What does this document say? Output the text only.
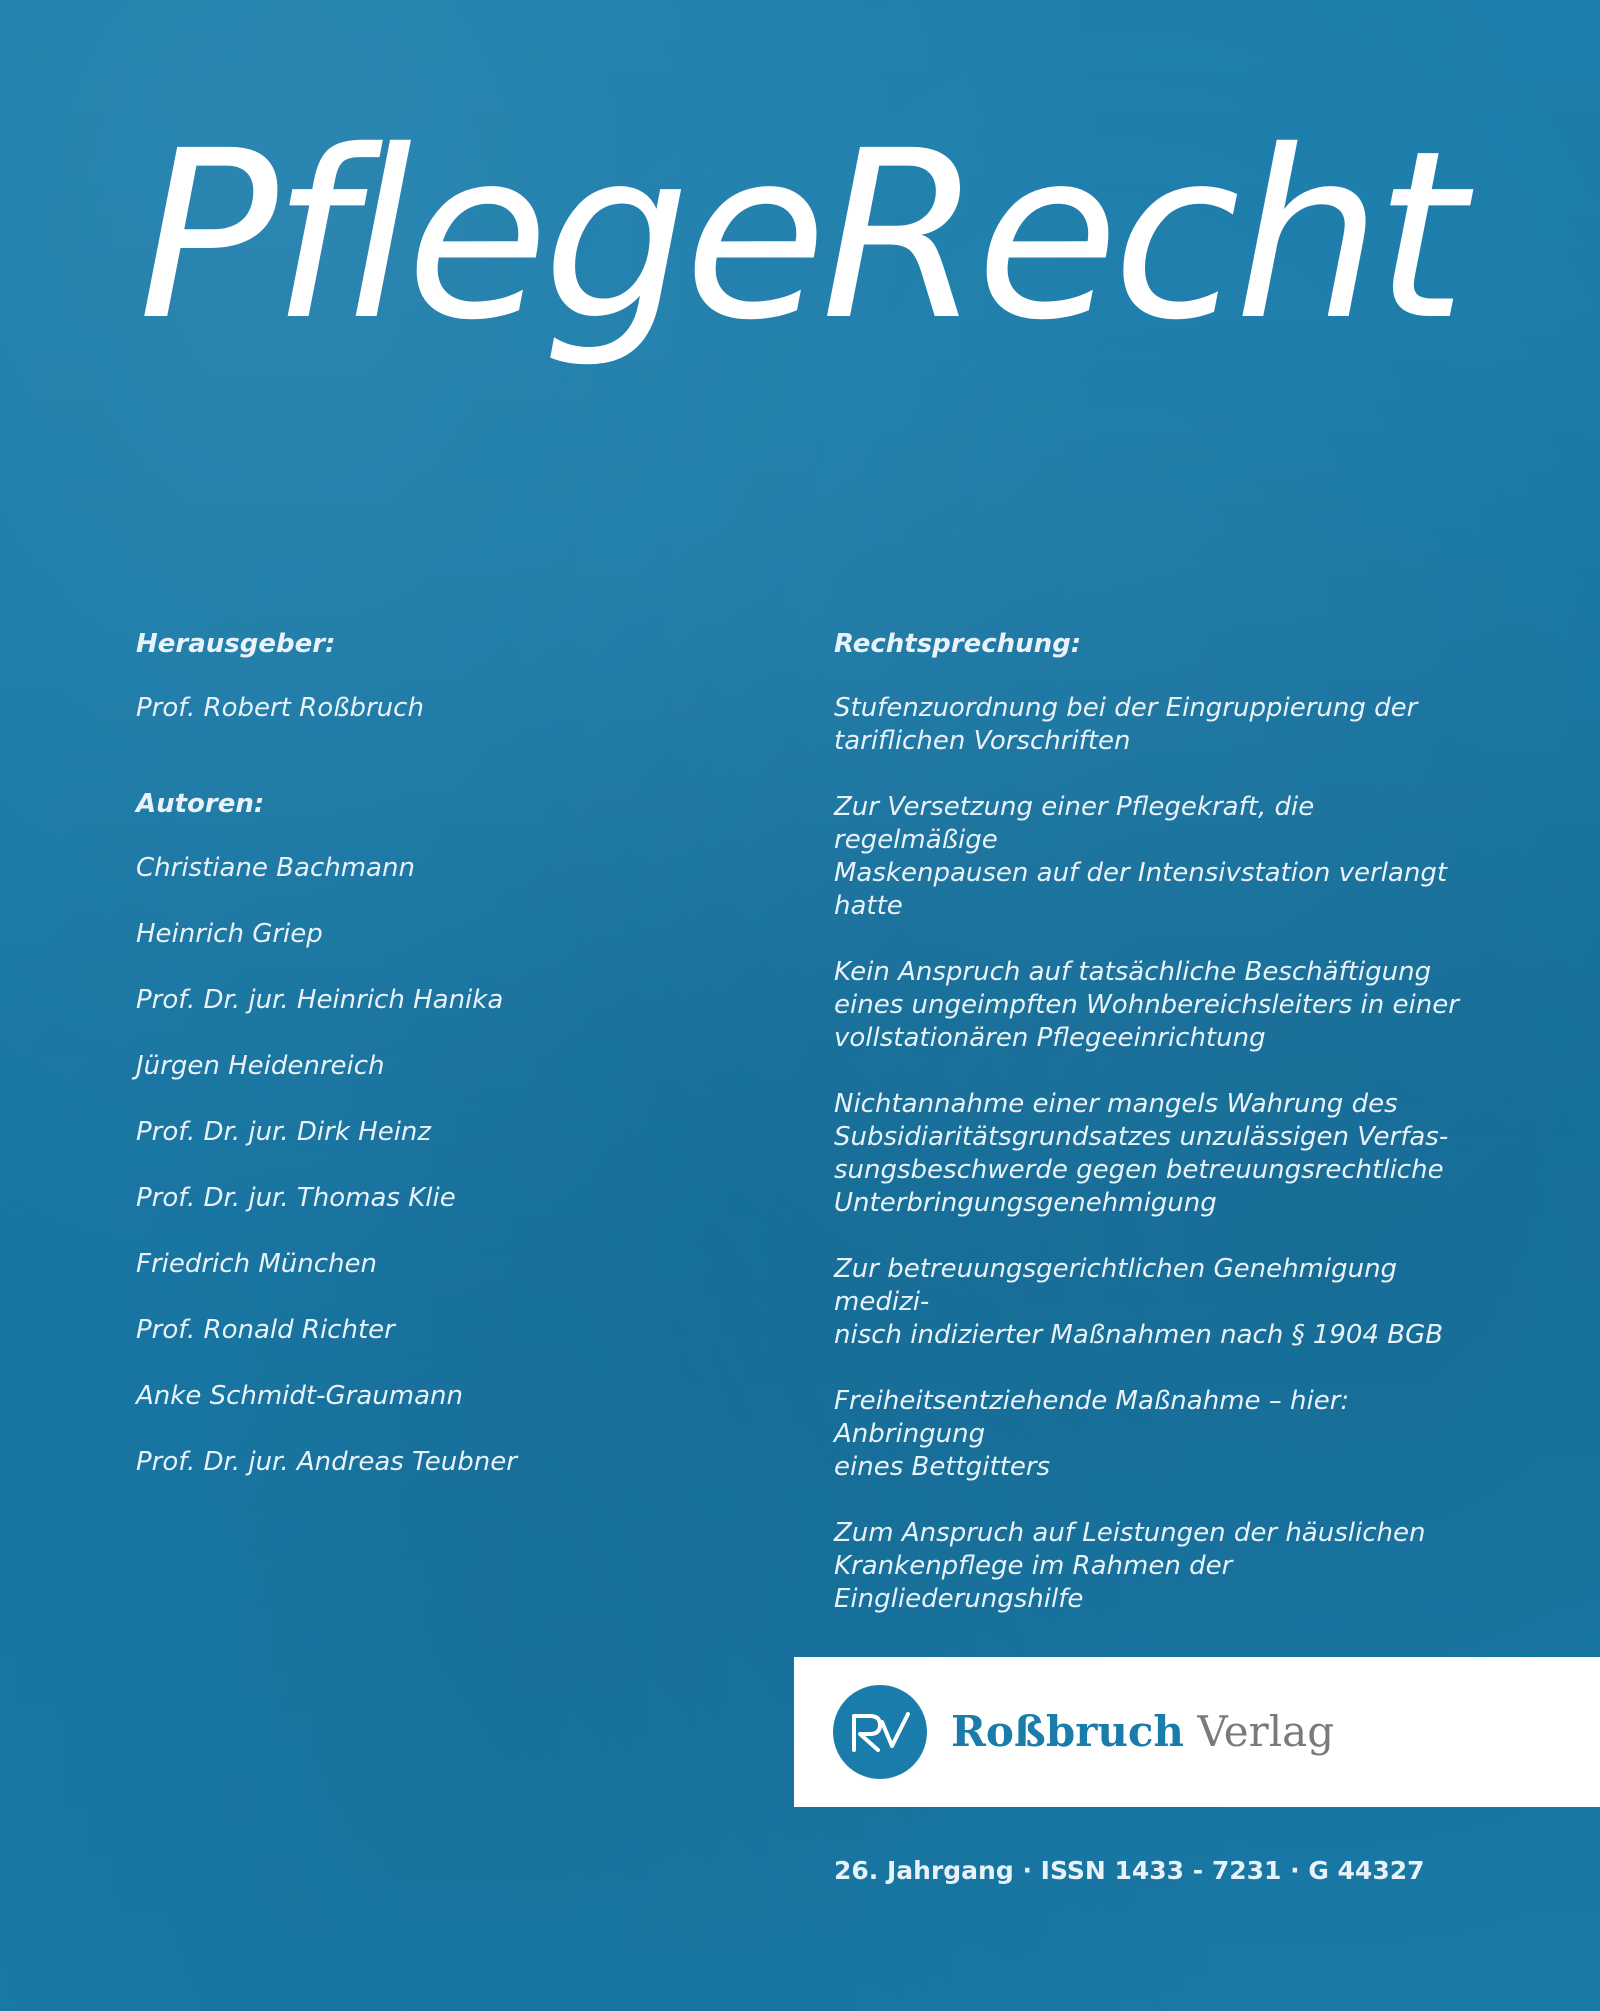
PflegeRecht
Herausgeber:
Prof. Robert Roßbruch
Autoren:
Christiane Bachmann
Heinrich Griep
Prof. Dr. jur. Heinrich Hanika
Jürgen Heidenreich
Prof. Dr. jur. Dirk Heinz
Prof. Dr. jur. Thomas Klie
Friedrich München
Prof. Ronald Richter
Anke Schmidt-Graumann
Prof. Dr. jur. Andreas Teubner
Rechtsprechung:
Stufenzuordnung bei der Eingruppierung der
tariflichen Vorschriften
Zur Versetzung einer Pflegekraft, die regelmäßige
Maskenpausen auf der Intensivstation verlangt
hatte
Kein Anspruch auf tatsächliche Beschäftigung
eines ungeimpften Wohnbereichsleiters in einer
vollstationären Pflegeeinrichtung
Nichtannahme einer mangels Wahrung des
Subsidiaritätsgrundsatzes unzulässigen Verfas-
sungsbeschwerde gegen betreuungsrechtliche
Unterbringungsgenehmigung
Zur betreuungsgerichtlichen Genehmigung medizi-
nisch indizierter Maßnahmen nach § 1904 BGB
Freiheitsentziehende Maßnahme – hier: Anbringung
eines Bettgitters
Zum Anspruch auf Leistungen der häuslichen
Krankenpflege im Rahmen der Eingliederungshilfe
Roßbruch Verlag
26. Jahrgang · ISSN 1433 - 7231 · G 44327
